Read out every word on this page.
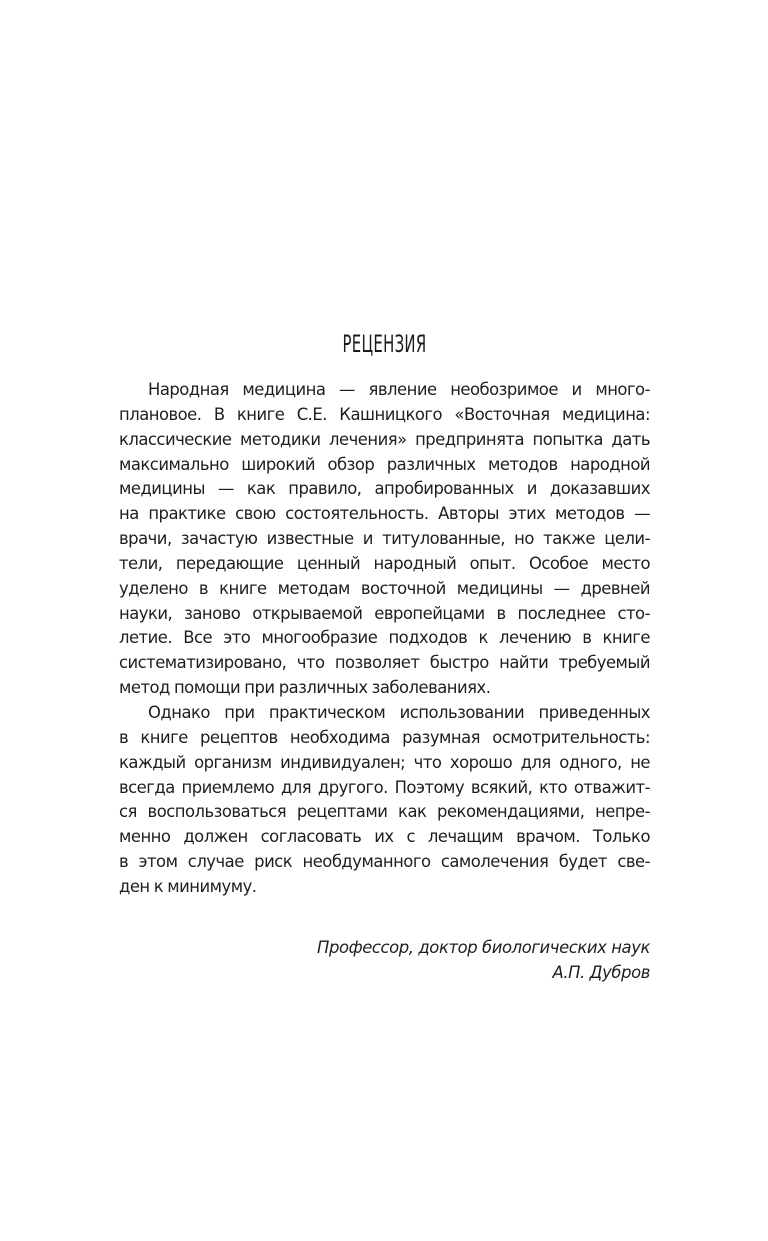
РЕЦЕНЗИЯ
Народная медицина — явление необозримое и много-
плановое. В книге С.Е. Кашницкого «Восточная медицина:
классические методики лечения» предпринята попытка дать
максимально широкий обзор различных методов народной
медицины — как правило, апробированных и доказавших
на практике свою состоятельность. Авторы этих методов —
врачи, зачастую известные и титулованные, но также цели-
тели, передающие ценный народный опыт. Особое место
уделено в книге методам восточной медицины — древней
науки, заново открываемой европейцами в последнее сто-
летие. Все это многообразие подходов к лечению в книге
систематизировано, что позволяет быстро найти требуемый
метод помощи при различных заболеваниях.
Однако при практическом использовании приведенных
в книге рецептов необходима разумная осмотрительность:
каждый организм индивидуален; что хорошо для одного, не
всегда приемлемо для другого. Поэтому всякий, кто отважит-
ся воспользоваться рецептами как рекомендациями, непре-
менно должен согласовать их с лечащим врачом. Только
в этом случае риск необдуманного самолечения будет све-
ден к минимуму.
Профессор, доктор биологических наук
А.П. Дубров
